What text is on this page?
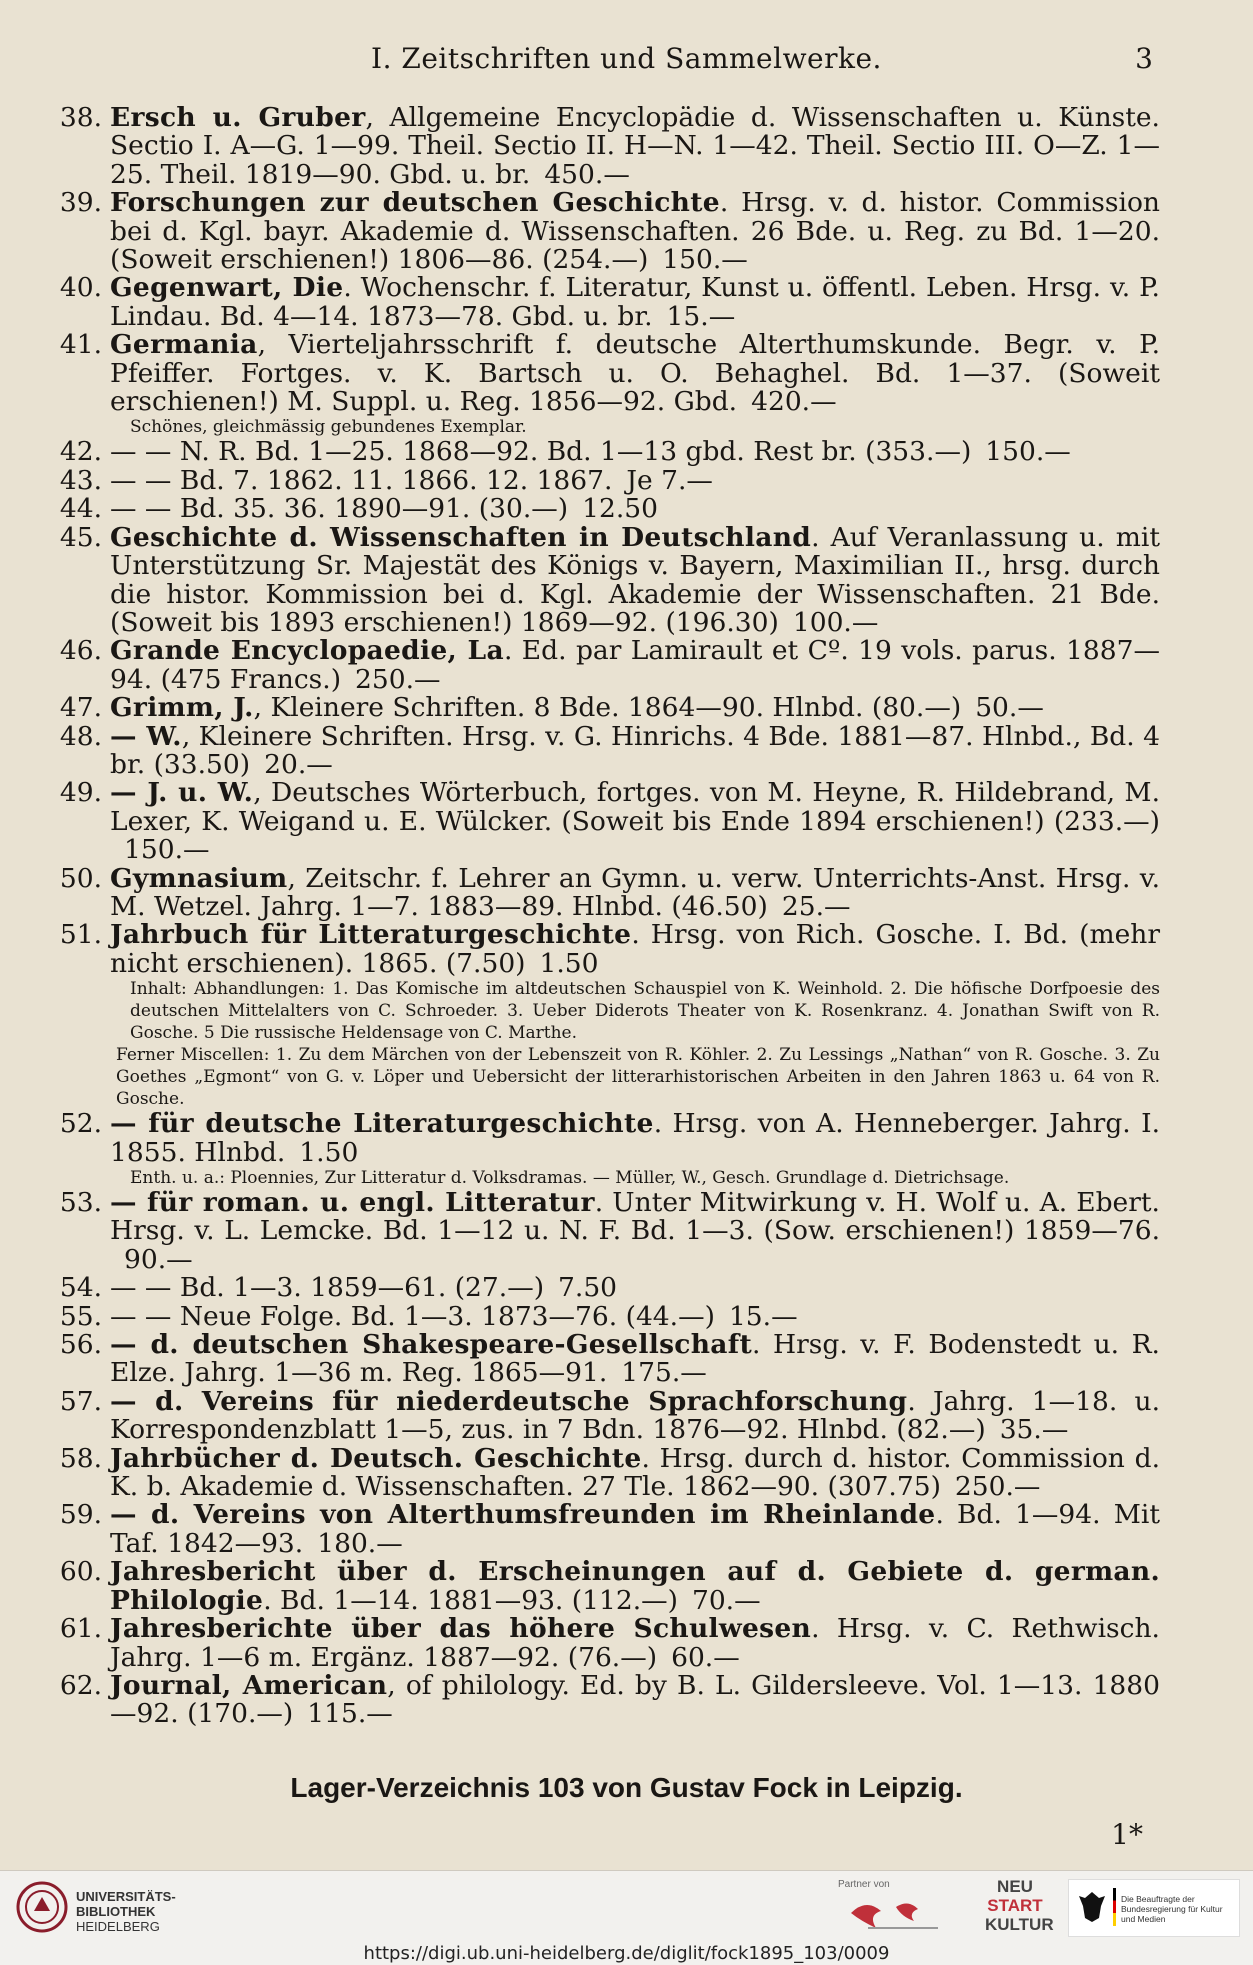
I. Zeitschriften und Sammelwerke.	3
38. Ersch u. Gruber, Allgemeine Encyclopädie d. Wissenschaften u. Künste. Sectio I. A—G. 1—99. Theil. Sectio II. H—N. 1—42. Theil. Sectio III. O—Z. 1—25. Theil. 1819—90. Gbd. u. br. 450.—
39. Forschungen zur deutschen Geschichte. Hrsg. v. d. histor. Commission bei d. Kgl. bayr. Akademie d. Wissenschaften. 26 Bde. u. Reg. zu Bd. 1—20. (Soweit erschienen!) 1806—86. (254.—) 150.—
40. Gegenwart, Die. Wochenschr. f. Literatur, Kunst u. öffentl. Leben. Hrsg. v. P. Lindau. Bd. 4—14. 1873—78. Gbd. u. br. 15.—
41. Germania, Vierteljahrsschrift f. deutsche Alterthumskunde. Begr. v. P. Pfeiffer. Fortges. v. K. Bartsch u. O. Behaghel. Bd. 1—37. (Soweit erschienen!) M. Suppl. u. Reg. 1856—92. Gbd. 420.—
Schönes, gleichmässig gebundenes Exemplar.
42. — — N. R. Bd. 1—25. 1868—92. Bd. 1—13 gbd. Rest br. (353.—) 150.—
43. — — Bd. 7. 1862. 11. 1866. 12. 1867. Je 7.—
44. — — Bd. 35. 36. 1890—91. (30.—) 12.50
45. Geschichte d. Wissenschaften in Deutschland. Auf Veranlassung u. mit Unterstützung Sr. Majestät des Königs v. Bayern, Maximilian II., hrsg. durch die histor. Kommission bei d. Kgl. Akademie der Wissenschaften. 21 Bde. (Soweit bis 1893 erschienen!) 1869—92. (196.30) 100.—
46. Grande Encyclopaedie, La. Ed. par Lamirault et Cº. 19 vols. parus. 1887—94. (475 Francs.) 250.—
47. Grimm, J., Kleinere Schriften. 8 Bde. 1864—90. Hlnbd. (80.—) 50.—
48. — W., Kleinere Schriften. Hrsg. v. G. Hinrichs. 4 Bde. 1881—87. Hlnbd., Bd. 4 br. (33.50) 20.—
49. — J. u. W., Deutsches Wörterbuch, fortges. von M. Heyne, R. Hildebrand, M. Lexer, K. Weigand u. E. Wülcker. (Soweit bis Ende 1894 erschienen!) (233.—)150.—
50. Gymnasium, Zeitschr. f. Lehrer an Gymn. u. verw. Unterrichts-Anst. Hrsg. v. M. Wetzel. Jahrg. 1—7. 1883—89. Hlnbd. (46.50) 25.—
51. Jahrbuch für Litteraturgeschichte. Hrsg. von Rich. Gosche. I. Bd. (mehr nicht erschienen). 1865. (7.50) 1.50
Inhalt: Abhandlungen: 1. Das Komische im altdeutschen Schauspiel von K. Weinhold. 2. Die höfische Dorfpoesie des deutschen Mittelalters von C. Schroeder. 3. Ueber Diderots Theater von K. Rosenkranz. 4. Jonathan Swift von R. Gosche. 5 Die russische Heldensage von C. Marthe.
Ferner Miscellen: 1. Zu dem Märchen von der Lebenszeit von R. Köhler. 2. Zu Lessings „Nathan“ von R. Gosche. 3. Zu Goethes „Egmont“ von G. v. Löper und Uebersicht der litterarhistorischen Arbeiten in den Jahren 1863 u. 64 von R. Gosche.
52. — für deutsche Literaturgeschichte. Hrsg. von A. Henneberger. Jahrg. I. 1855. Hlnbd. 1.50
Enth. u. a.: Ploennies, Zur Litteratur d. Volksdramas. — Müller, W., Gesch. Grundlage d. Dietrichsage.
53. — für roman. u. engl. Litteratur. Unter Mitwirkung v. H. Wolf u. A. Ebert. Hrsg. v. L. Lemcke. Bd. 1—12 u. N. F. Bd. 1—3. (Sow. erschienen!) 1859—76.90.—
54. — — Bd. 1—3. 1859—61. (27.—) 7.50
55. — — Neue Folge. Bd. 1—3. 1873—76. (44.—) 15.—
56. — d. deutschen Shakespeare-Gesellschaft. Hrsg. v. F. Bodenstedt u. R. Elze. Jahrg. 1—36 m. Reg. 1865—91. 175.—
57. — d. Vereins für niederdeutsche Sprachforschung. Jahrg. 1—18. u. Korrespondenzblatt 1—5, zus. in 7 Bdn. 1876—92. Hlnbd. (82.—) 35.—
58. Jahrbücher d. Deutsch. Geschichte. Hrsg. durch d. histor. Commission d. K. b. Akademie d. Wissenschaften. 27 Tle. 1862—90. (307.75) 250.—
59. — d. Vereins von Alterthumsfreunden im Rheinlande. Bd. 1—94. Mit Taf. 1842—93. 180.—
60. Jahresbericht über d. Erscheinungen auf d. Gebiete d. german. Philologie. Bd. 1—14. 1881—93. (112.—) 70.—
61. Jahresberichte über das höhere Schulwesen. Hrsg. v. C. Rethwisch. Jahrg. 1—6 m. Ergänz. 1887—92. (76.—) 60.—
62. Journal, American, of philology. Ed. by B. L. Gildersleeve. Vol. 1—13. 1880—92. (170.—) 115.—
Lager-Verzeichnis 103 von Gustav Fock in Leipzig.
1*
UNIVERSITÄTS-
BIBLIOTHEK
HEIDELBERG
Partner von	NEU
START
KULTUR
Die Beauftragte der Bundesregierung für Kultur und Medien
https://digi.ub.uni-heidelberg.de/diglit/fock1895_103/0009
